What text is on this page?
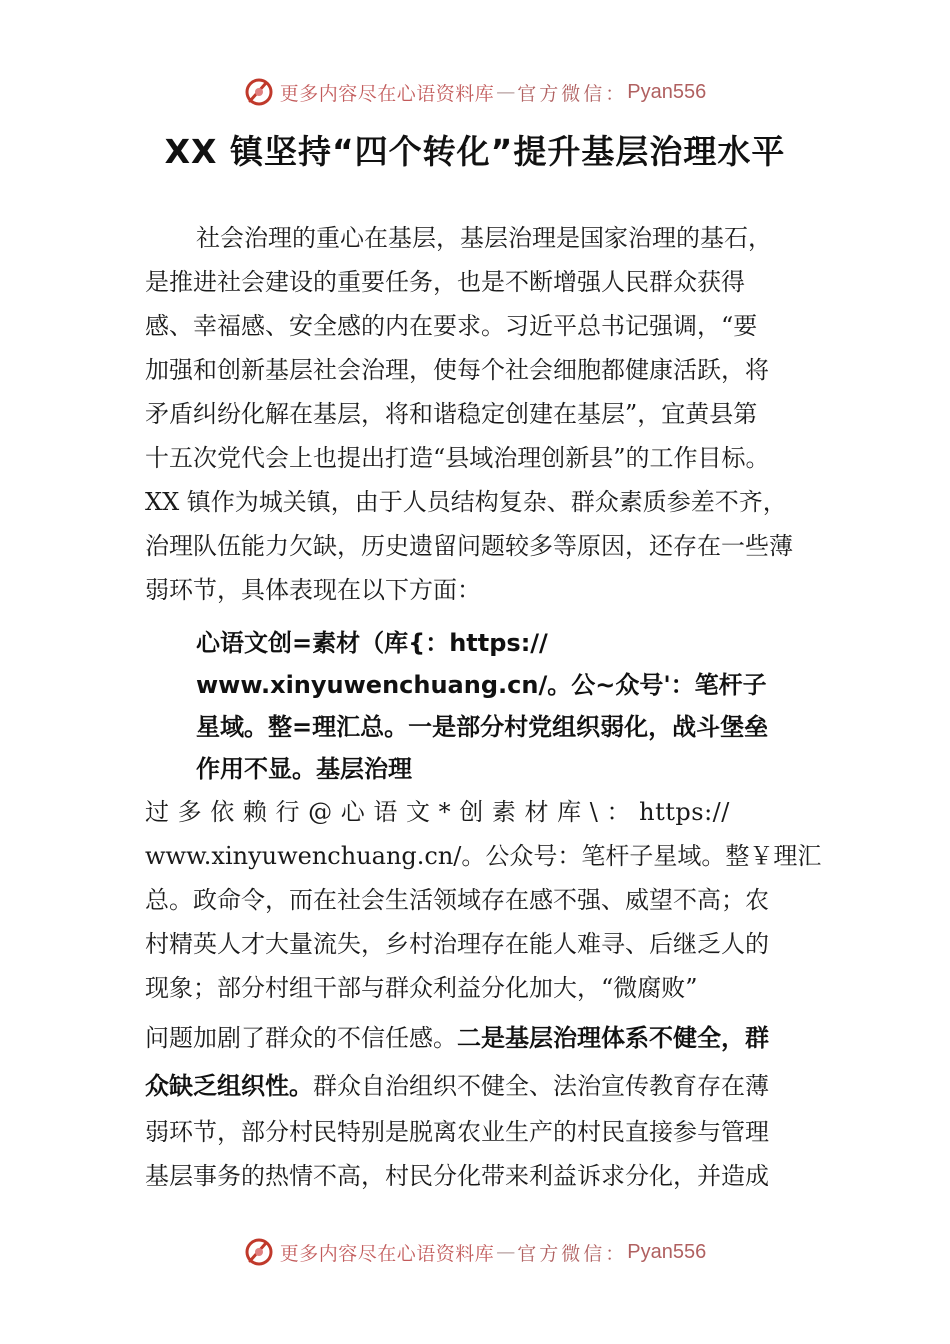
更多内容尽在心语资料库 — 官方微信： Pyan556
XX 镇坚持“四个转化”提升基层治理水平
社会治理的重心在基层，基层治理是国家治理的基石，
是推进社会建设的重要任务，也是不断增强人民群众获得
感、幸福感、安全感的内在要求。习近平总书记强调，“要
加强和创新基层社会治理，使每个社会细胞都健康活跃，将
矛盾纠纷化解在基层，将和谐稳定创建在基层”，宜黄县第
十五次党代会上也提出打造“县域治理创新县”的工作目标。
XX 镇作为城关镇，由于人员结构复杂、群众素质参差不齐，
治理队伍能力欠缺，历史遗留问题较多等原因，还存在一些薄
弱环节，具体表现在以下方面：
心语文创=素材（库{：https://
www.xinyuwenchuang.cn/。公~众号'：笔杆子
星域。整=理汇总。一是部分村党组织弱化，战斗堡垒
作用不显。基层治理
过 多 依 赖 行 @ 心 语 文 * 创 素 材 库 \ ： https://
www.xinyuwenchuang.cn/。公众号：笔杆子星域。整￥理汇
总。政命令，而在社会生活领域存在感不强、威望不高；农
村精英人才大量流失，乡村治理存在能人难寻、后继乏人的
现象；部分村组干部与群众利益分化加大，“微腐败”
问题加剧了群众的不信任感。二是基层治理体系不健全，群
众缺乏组织性。群众自治组织不健全、法治宣传教育存在薄
弱环节，部分村民特别是脱离农业生产的村民直接参与管理
基层事务的热情不高，村民分化带来利益诉求分化，并造成
更多内容尽在心语资料库 — 官方微信： Pyan556
